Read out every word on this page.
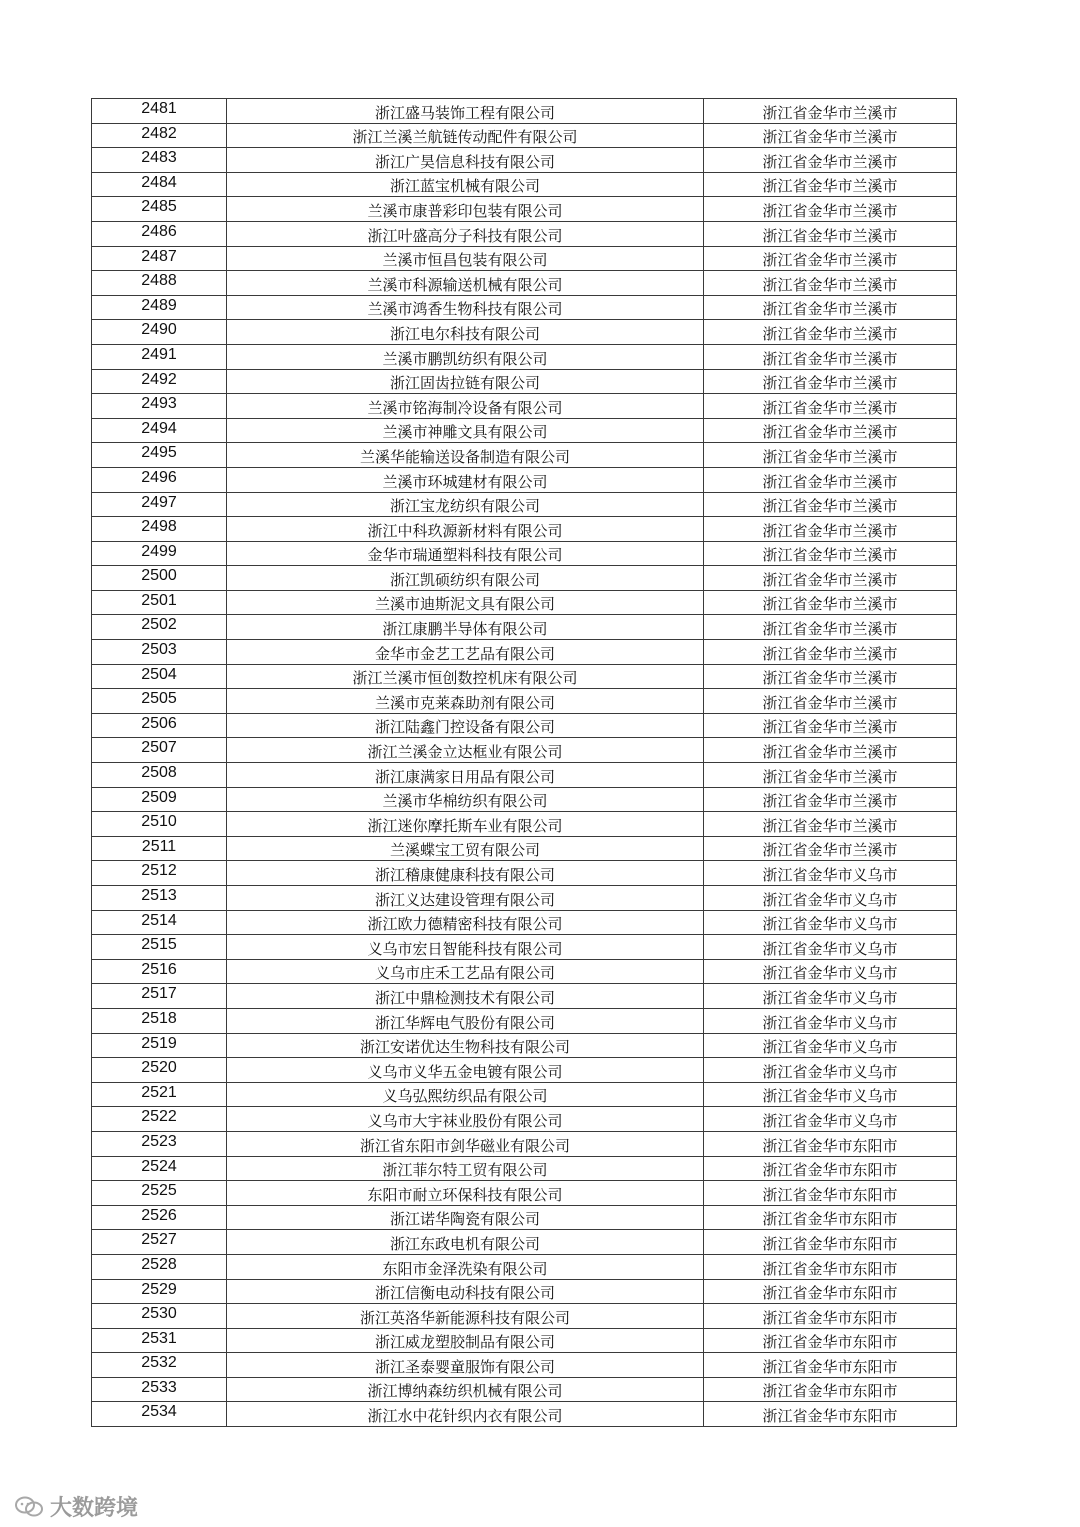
2481	浙江盛马装饰工程有限公司	浙江省金华市兰溪市
2482	浙江兰溪兰航链传动配件有限公司	浙江省金华市兰溪市
2483	浙江广昊信息科技有限公司	浙江省金华市兰溪市
2484	浙江蓝宝机械有限公司	浙江省金华市兰溪市
2485	兰溪市康普彩印包装有限公司	浙江省金华市兰溪市
2486	浙江叶盛高分子科技有限公司	浙江省金华市兰溪市
2487	兰溪市恒昌包装有限公司	浙江省金华市兰溪市
2488	兰溪市科源输送机械有限公司	浙江省金华市兰溪市
2489	兰溪市鸿香生物科技有限公司	浙江省金华市兰溪市
2490	浙江电尔科技有限公司	浙江省金华市兰溪市
2491	兰溪市鹏凯纺织有限公司	浙江省金华市兰溪市
2492	浙江固齿拉链有限公司	浙江省金华市兰溪市
2493	兰溪市铭海制冷设备有限公司	浙江省金华市兰溪市
2494	兰溪市神雕文具有限公司	浙江省金华市兰溪市
2495	兰溪华能输送设备制造有限公司	浙江省金华市兰溪市
2496	兰溪市环城建材有限公司	浙江省金华市兰溪市
2497	浙江宝龙纺织有限公司	浙江省金华市兰溪市
2498	浙江中科玖源新材料有限公司	浙江省金华市兰溪市
2499	金华市瑞通塑料科技有限公司	浙江省金华市兰溪市
2500	浙江凯硕纺织有限公司	浙江省金华市兰溪市
2501	兰溪市迪斯泥文具有限公司	浙江省金华市兰溪市
2502	浙江康鹏半导体有限公司	浙江省金华市兰溪市
2503	金华市金艺工艺品有限公司	浙江省金华市兰溪市
2504	浙江兰溪市恒创数控机床有限公司	浙江省金华市兰溪市
2505	兰溪市克莱森助剂有限公司	浙江省金华市兰溪市
2506	浙江陆鑫门控设备有限公司	浙江省金华市兰溪市
2507	浙江兰溪金立达框业有限公司	浙江省金华市兰溪市
2508	浙江康满家日用品有限公司	浙江省金华市兰溪市
2509	兰溪市华棉纺织有限公司	浙江省金华市兰溪市
2510	浙江迷你摩托斯车业有限公司	浙江省金华市兰溪市
2511	兰溪蝶宝工贸有限公司	浙江省金华市兰溪市
2512	浙江稽康健康科技有限公司	浙江省金华市义乌市
2513	浙江义达建设管理有限公司	浙江省金华市义乌市
2514	浙江欧力德精密科技有限公司	浙江省金华市义乌市
2515	义乌市宏日智能科技有限公司	浙江省金华市义乌市
2516	义乌市庄禾工艺品有限公司	浙江省金华市义乌市
2517	浙江中鼎检测技术有限公司	浙江省金华市义乌市
2518	浙江华辉电气股份有限公司	浙江省金华市义乌市
2519	浙江安诺优达生物科技有限公司	浙江省金华市义乌市
2520	义乌市义华五金电镀有限公司	浙江省金华市义乌市
2521	义乌弘熙纺织品有限公司	浙江省金华市义乌市
2522	义乌市大宇袜业股份有限公司	浙江省金华市义乌市
2523	浙江省东阳市剑华磁业有限公司	浙江省金华市东阳市
2524	浙江菲尔特工贸有限公司	浙江省金华市东阳市
2525	东阳市耐立环保科技有限公司	浙江省金华市东阳市
2526	浙江诺华陶瓷有限公司	浙江省金华市东阳市
2527	浙江东政电机有限公司	浙江省金华市东阳市
2528	东阳市金泽洗染有限公司	浙江省金华市东阳市
2529	浙江信衡电动科技有限公司	浙江省金华市东阳市
2530	浙江英洛华新能源科技有限公司	浙江省金华市东阳市
2531	浙江威龙塑胶制品有限公司	浙江省金华市东阳市
2532	浙江圣泰婴童服饰有限公司	浙江省金华市东阳市
2533	浙江博纳森纺织机械有限公司	浙江省金华市东阳市
2534	浙江水中花针织内衣有限公司	浙江省金华市东阳市
大数跨境
